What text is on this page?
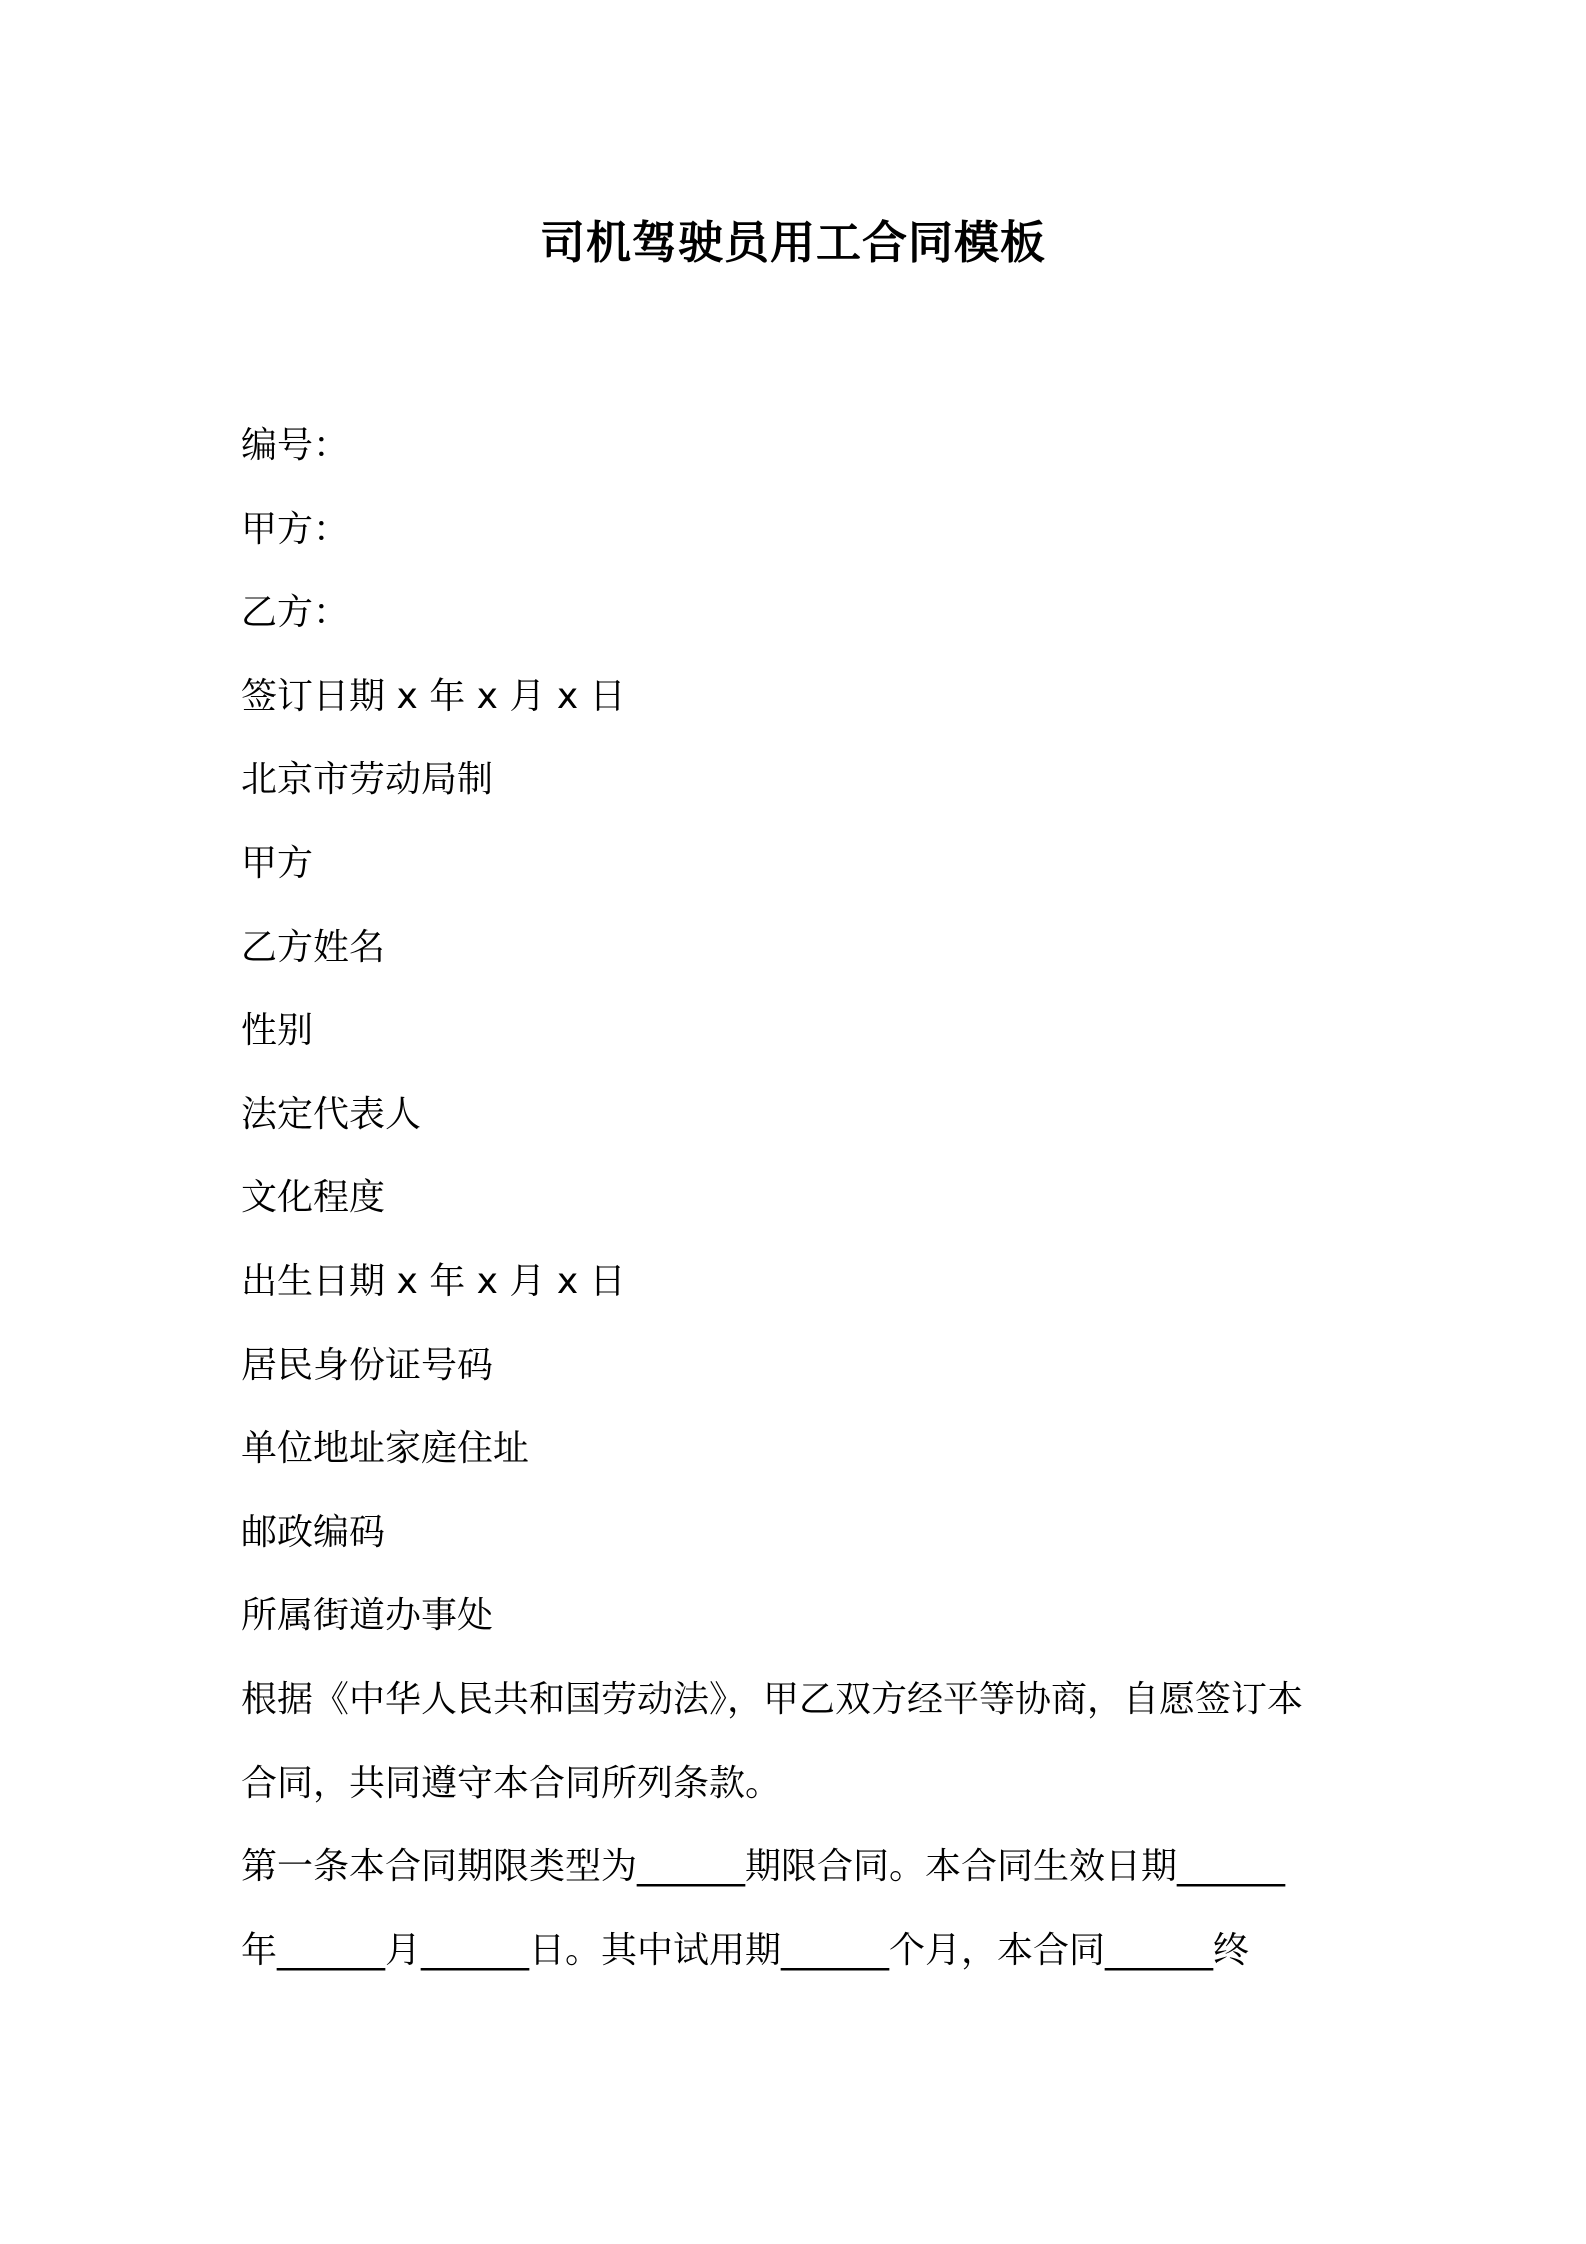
司机驾驶员用工合同模板
编号：
甲方：
乙方：
签订日期 x 年 x 月 x 日
北京市劳动局制
甲方
乙方姓名
性别
法定代表人
文化程度
出生日期 x 年 x 月 x 日
居民身份证号码
单位地址家庭住址
邮政编码
所属街道办事处
根据《中华人民共和国劳动法》，甲乙双方经平等协商，自愿签订本
合同，共同遵守本合同所列条款。
第一条本合同期限类型为______期限合同。本合同生效日期______
年______月______日。其中试用期______个月，本合同______终
